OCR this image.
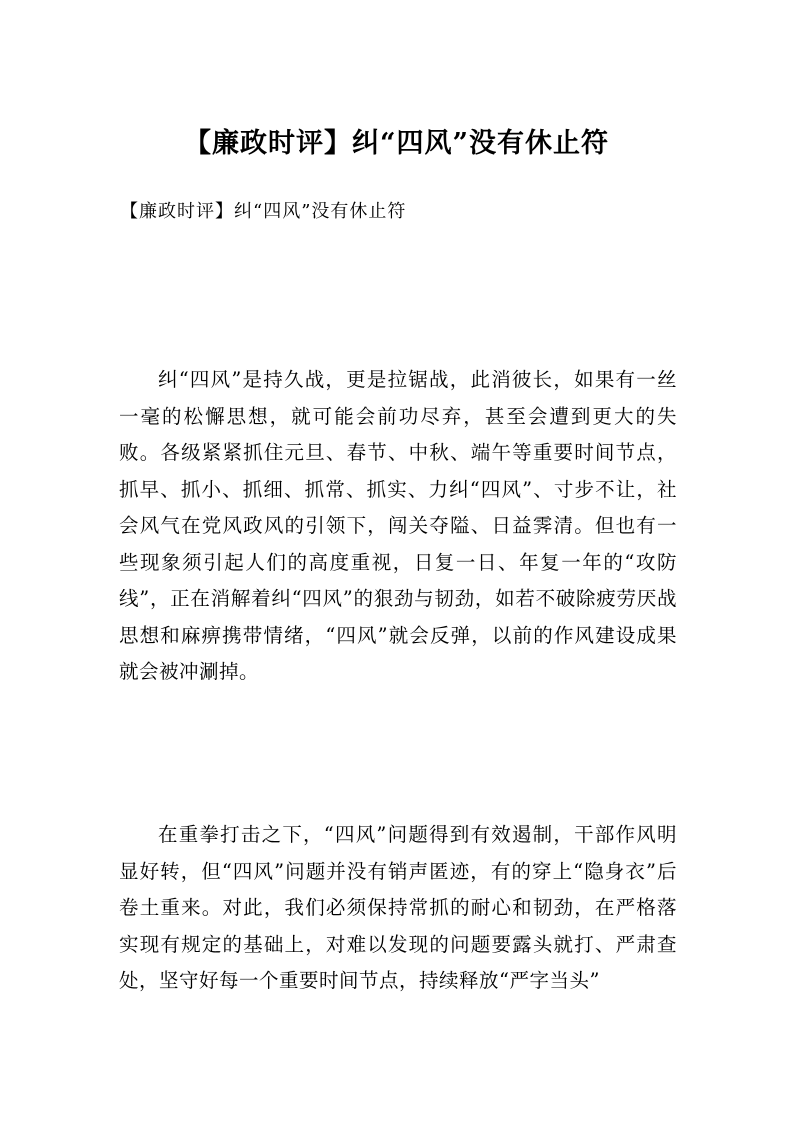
【廉政时评】纠“四风”没有休止符

【廉政时评】纠“四风”没有休止符

纠“四风”是持久战，更是拉锯战，此消彼长，如果有一丝一毫的松懈思想，就可能会前功尽弃，甚至会遭到更大的失败。各级紧紧抓住元旦、春节、中秋、端午等重要时间节点，抓早、抓小、抓细、抓常、抓实、力纠“四风”、寸步不让，社会风气在党风政风的引领下，闯关夺隘、日益霁清。但也有一些现象须引起人们的高度重视，日复一日、年复一年的“攻防线”，正在消解着纠“四风”的狠劲与韧劲，如若不破除疲劳厌战思想和麻痹携带情绪，“四风”就会反弹，以前的作风建设成果就会被冲涮掉。

在重拳打击之下，“四风”问题得到有效遏制，干部作风明显好转，但“四风”问题并没有销声匿迹，有的穿上“隐身衣”后卷土重来。对此，我们必须保持常抓的耐心和韧劲，在严格落实现有规定的基础上，对难以发现的问题要露头就打、严肃查处，坚守好每一个重要时间节点，持续释放“严字当头”
